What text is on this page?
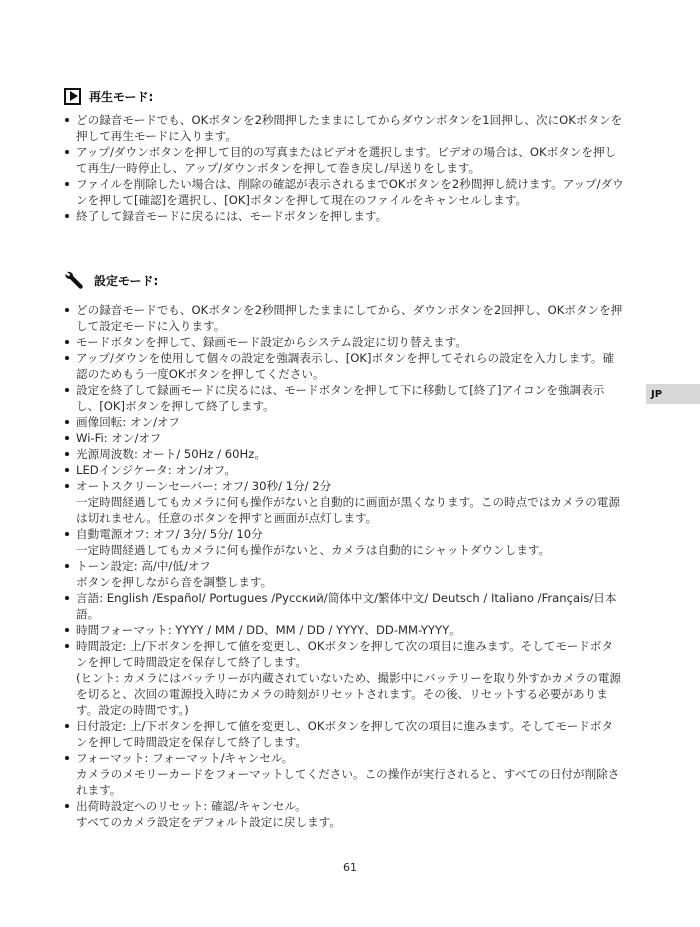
再生モード:
どの録音モードでも、OKボタンを2秒間押したままにしてからダウンボタンを1回押し、次にOKボタンを押して再生モードに入ります。
アップ/ダウンボタンを押して目的の写真またはビデオを選択します。ビデオの場合は、OKボタンを押して再生/一時停止し、アップ/ダウンボタンを押して巻き戻し/早送りをします。
ファイルを削除したい場合は、削除の確認が表示されるまでOKボタンを2秒間押し続けます。アップ/ダウンを押して[確認]を選択し、[OK]ボタンを押して現在のファイルをキャンセルします。
終了して録音モードに戻るには、モードボタンを押します。
設定モード:
どの録音モードでも、OKボタンを2秒間押したままにしてから、ダウンボタンを2回押し、OKボタンを押して設定モードに入ります。
モードボタンを押して、録画モード設定からシステム設定に切り替えます。
アップ/ダウンを使用して個々の設定を強調表示し、[OK]ボタンを押してそれらの設定を入力します。確認のためもう一度OKボタンを押してください。
設定を終了して録画モードに戻るには、モードボタンを押して下に移動して[終了]アイコンを強調表示し、[OK]ボタンを押して終了します。
画像回転: オン/オフ
Wi-Fi: オン/オフ
光源周波数: オート/ 50Hz / 60Hz。
LEDインジケータ: オン/オフ。
オートスクリーンセーバー: オフ/ 30秒/ 1分/ 2分
一定時間経過してもカメラに何も操作がないと自動的に画面が黒くなります。この時点ではカメラの電源は切れません。任意のボタンを押すと画面が点灯します。
自動電源オフ: オフ/ 3分/ 5分/ 10分
一定時間経過してもカメラに何も操作がないと、カメラは自動的にシャットダウンします。
トーン設定: 高/中/低/オフ
ボタンを押しながら音を調整します。
言語: English /Español/ Portugues /Русский/简体中文/繁体中文/ Deutsch / Italiano /Français/日本語。
時間フォーマット: YYYY / MM / DD、MM / DD / YYYY、DD-MM-YYYY。
時間設定: 上/下ボタンを押して値を変更し、OKボタンを押して次の項目に進みます。そしてモードボタンを押して時間設定を保存して終了します。
(ヒント: カメラにはバッテリーが内蔵されていないため、撮影中にバッテリーを取り外すかカメラの電源を切ると、次回の電源投入時にカメラの時刻がリセットされます。その後、リセットする必要があります。設定の時間です。)
日付設定: 上/下ボタンを押して値を変更し、OKボタンを押して次の項目に進みます。そしてモードボタンを押して時間設定を保存して終了します。
フォーマット: フォーマット/キャンセル。
カメラのメモリーカードをフォーマットしてください。この操作が実行されると、すべての日付が削除されます。
出荷時設定へのリセット: 確認/キャンセル。
すべてのカメラ設定をデフォルト設定に戻します。
JP
61
